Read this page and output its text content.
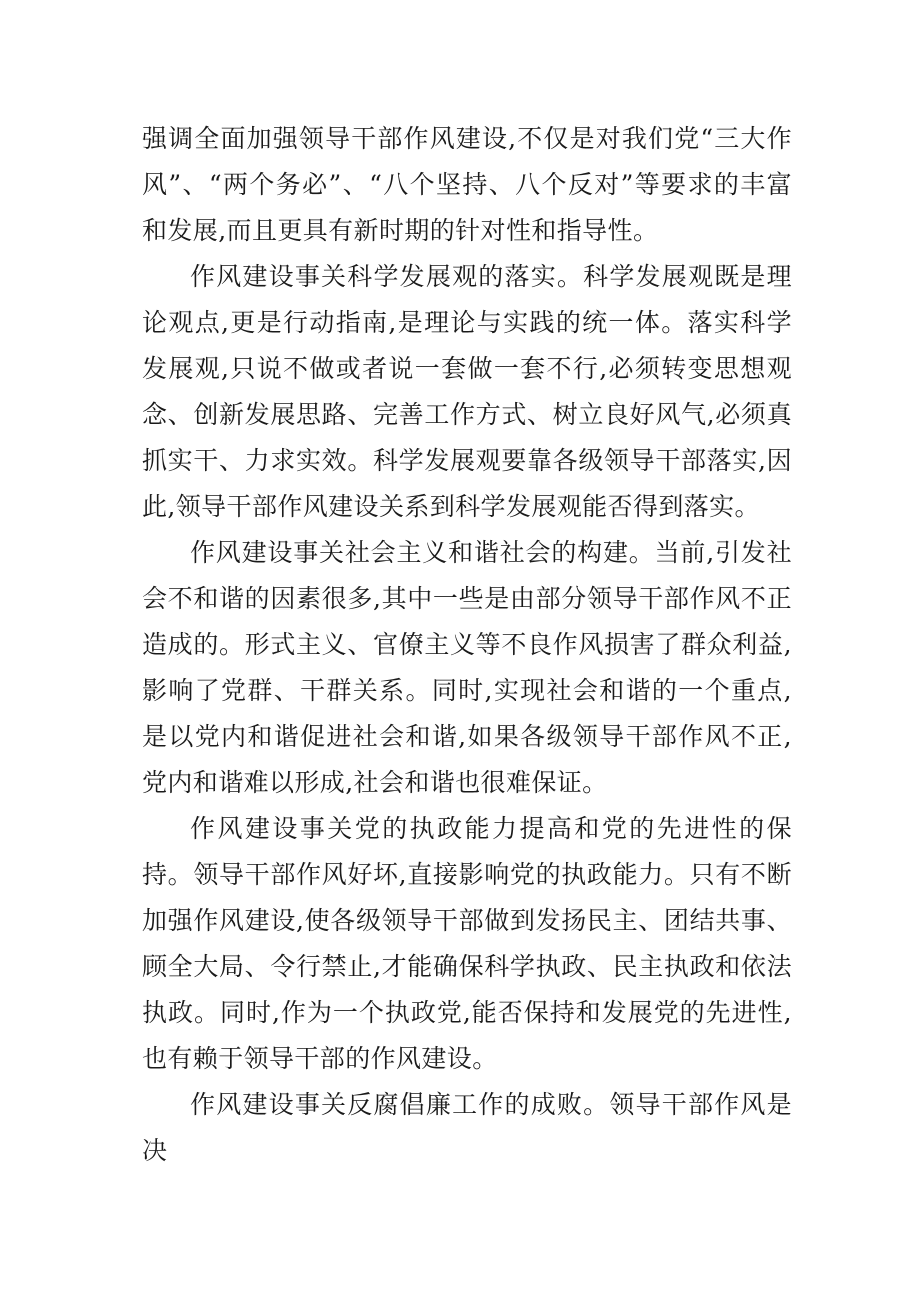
强调全面加强领导干部作风建设,不仅是对我们党“三大作风”、“两个务必”、“八个坚持、八个反对”等要求的丰富和发展,而且更具有新时期的针对性和指导性。

作风建设事关科学发展观的落实。科学发展观既是理论观点,更是行动指南,是理论与实践的统一体。落实科学发展观,只说不做或者说一套做一套不行,必须转变思想观念、创新发展思路、完善工作方式、树立良好风气,必须真抓实干、力求实效。科学发展观要靠各级领导干部落实,因此,领导干部作风建设关系到科学发展观能否得到落实。

作风建设事关社会主义和谐社会的构建。当前,引发社会不和谐的因素很多,其中一些是由部分领导干部作风不正造成的。形式主义、官僚主义等不良作风损害了群众利益,影响了党群、干群关系。同时,实现社会和谐的一个重点,是以党内和谐促进社会和谐,如果各级领导干部作风不正,党内和谐难以形成,社会和谐也很难保证。

作风建设事关党的执政能力提高和党的先进性的保持。领导干部作风好坏,直接影响党的执政能力。只有不断加强作风建设,使各级领导干部做到发扬民主、团结共事、顾全大局、令行禁止,才能确保科学执政、民主执政和依法执政。同时,作为一个执政党,能否保持和发展党的先进性,也有赖于领导干部的作风建设。

作风建设事关反腐倡廉工作的成败。领导干部作风是决
